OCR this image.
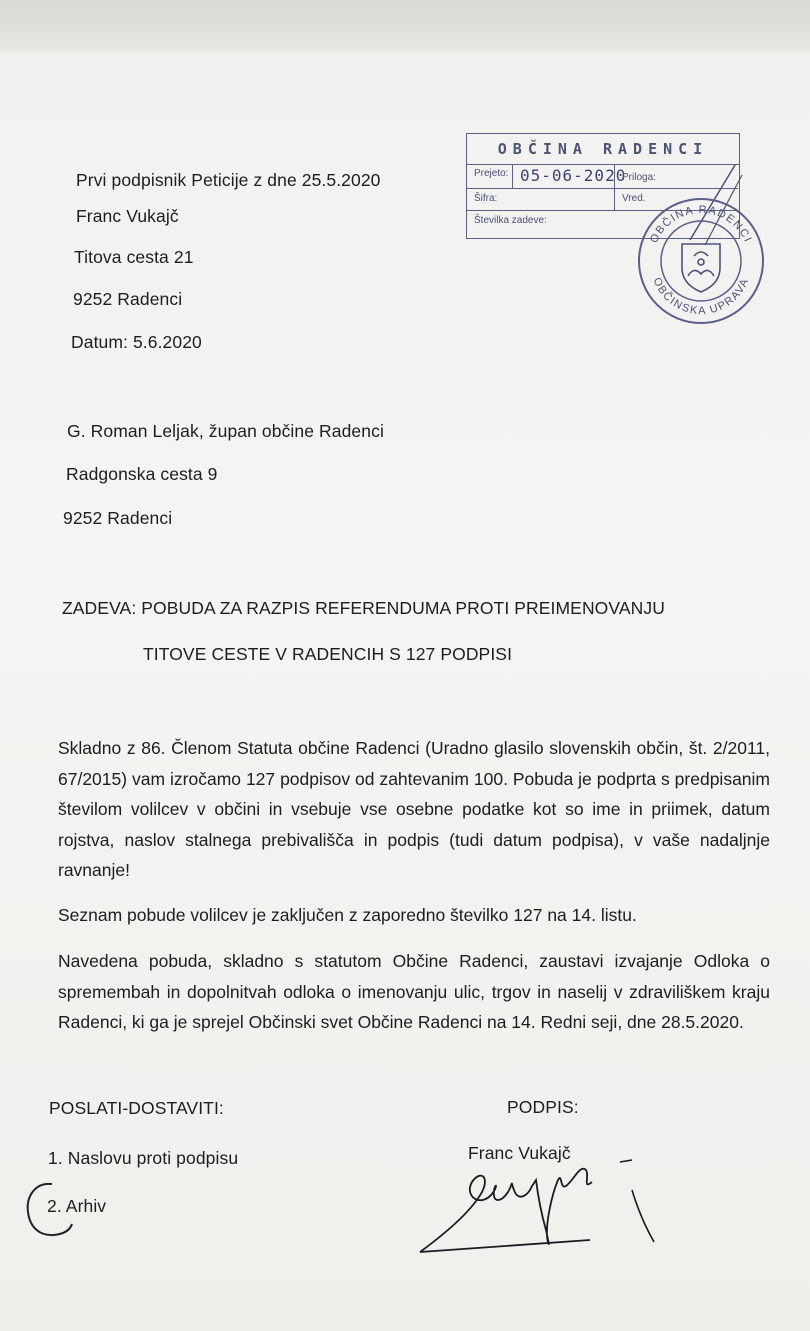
Prvi podpisnik Peticije z dne 25.5.2020
Franc Vukajč
Titova cesta 21
9252 Radenci
Datum: 5.6.2020
OBČINA RADENCI
Prejeto: 05-06-2020
Priloga:
Šifra:	Vred.
Številka zadeve:
OBČINA RADENCI
OBČINSKA UPRAVA
G. Roman Leljak, župan občine Radenci
Radgonska cesta 9
9252 Radenci
ZADEVA: POBUDA ZA RAZPIS REFERENDUMA PROTI PREIMENOVANJU
TITOVE CESTE V RADENCIH S 127 PODPISI
Skladno z 86. Členom Statuta občine Radenci (Uradno glasilo slovenskih občin, št. 2/2011, 67/2015) vam izročamo 127 podpisov od zahtevanim 100. Pobuda je podprta s predpisanim številom volilcev v občini in vsebuje vse osebne podatke kot so ime in priimek, datum rojstva, naslov stalnega prebivališča in podpis (tudi datum podpisa), v vaše nadaljnje ravnanje!
Seznam pobude volilcev je zaključen z zaporedno številko 127 na 14. listu.
Navedena pobuda, skladno s statutom Občine Radenci, zaustavi izvajanje Odloka o spremembah in dopolnitvah odloka o imenovanju ulic, trgov in naselij v zdraviliškem kraju Radenci, ki ga je sprejel Občinski svet Občine Radenci na 14. Redni seji, dne 28.5.2020.
POSLATI-DOSTAVITI:
1. Naslovu proti podpisu
2. Arhiv
PODPIS:
Franc Vukajč
